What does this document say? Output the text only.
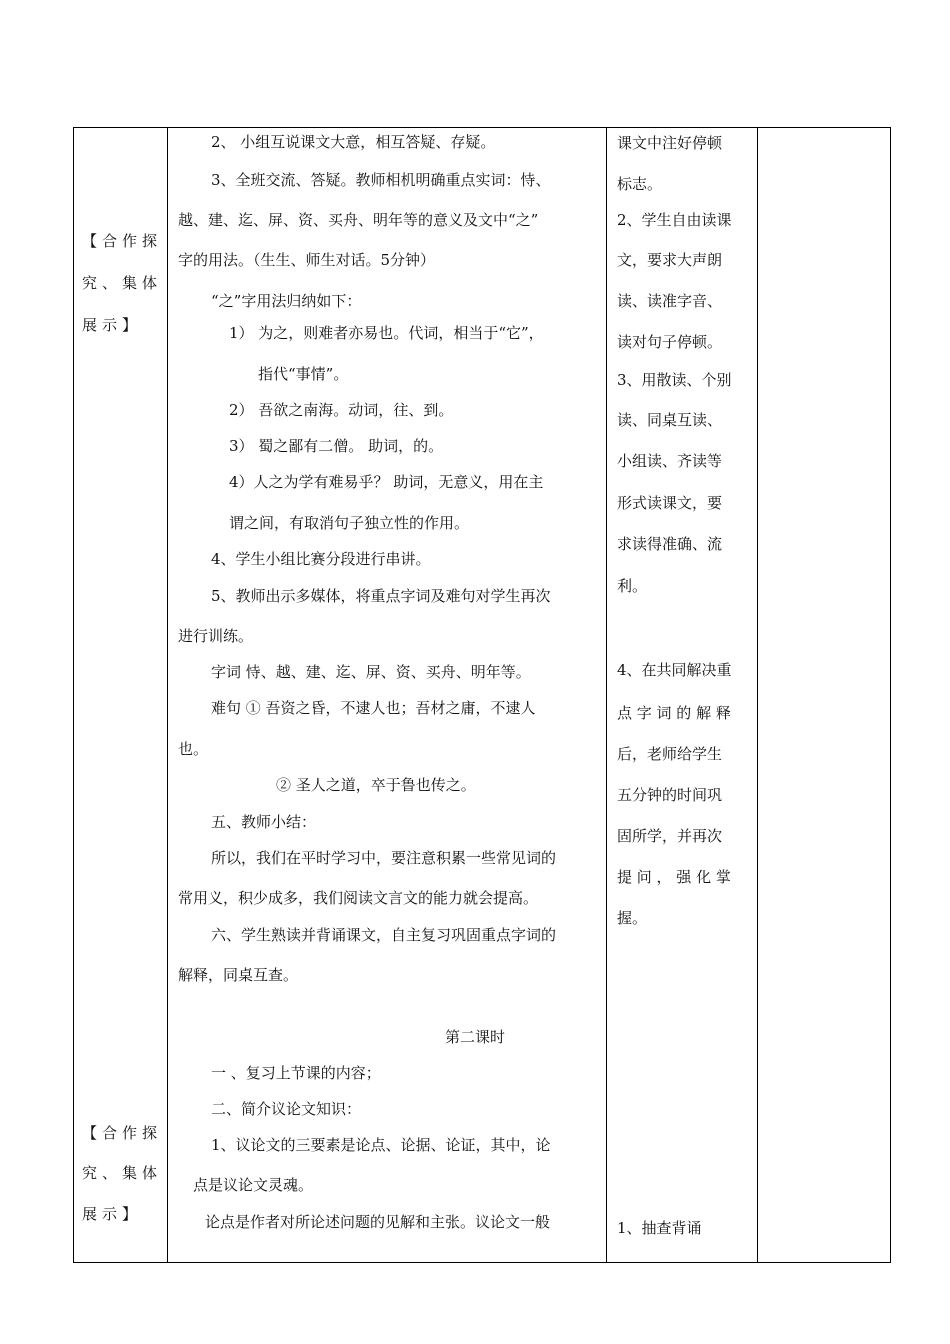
【合作探
究、集体
展示】
【合作探
究、集体
展示】
2、 小组互说课文大意，相互答疑、存疑。
3、全班交流、答疑。教师相机明确重点实词：恃、
越、建、迄、屏、资、买舟、明年等的意义及文中“之”
字的用法。（生生、师生对话。5分钟）
“之”字用法归纳如下：
1） 为之，则难者亦易也。代词，相当于“它”，
指代“事情”。
2） 吾欲之南海。动词，往、到。
3） 蜀之鄙有二僧。 助词，的。
4）人之为学有难易乎？ 助词，无意义，用在主
谓之间，有取消句子独立性的作用。
4、学生小组比赛分段进行串讲。
5、教师出示多媒体，将重点字词及难句对学生再次
进行训练。
字词 恃、越、建、迄、屏、资、买舟、明年等。
难句 ① 吾资之昏，不逮人也；吾材之庸，不逮人
也。
② 圣人之道，卒于鲁也传之。
五、教师小结：
所以，我们在平时学习中，要注意积累一些常见词的
常用义，积少成多，我们阅读文言文的能力就会提高。
六、学生熟读并背诵课文，自主复习巩固重点字词的
解释，同桌互查。
第二课时
一 、复习上节课的内容；
二、简介议论文知识：
1、议论文的三要素是论点、论据、论证，其中，论
点是议论文灵魂。
论点是作者对所论述问题的见解和主张。议论文一般
课文中注好停顿
标志。
2、学生自由读课
文，要求大声朗
读、读准字音、
读对句子停顿。
3、用散读、个别
读、同桌互读、
小组读、齐读等
形式读课文，要
求读得准确、流
利。
4、在共同解决重
点 字 词 的 解 释
后，老师给学生
五分钟的时间巩
固所学，并再次
提 问 ， 强 化 掌
握。
1、抽查背诵
